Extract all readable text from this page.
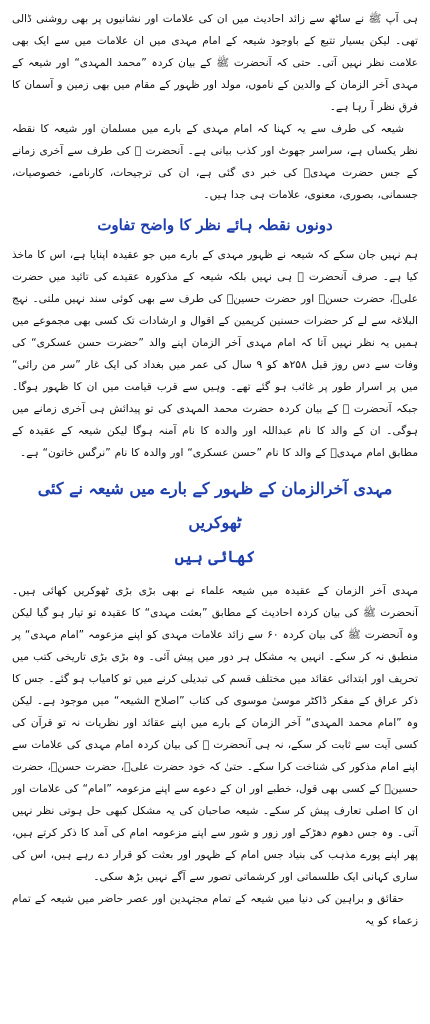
ہی آپ ﷺ نے ساٹھ سے زائد احادیث میں ان کی علامات اور نشانیوں پر بھی روشنی ڈالی تھی۔ لیکن بسیار تتبع کے باوجود شیعہ کے امام مہدی میں ان علامات میں سے ایک بھی علامت نظر نہیں آتی۔ حتی کہ آنحضرت ﷺ کے بیان کردہ ”محمد المہدی“ اور شیعہ کے مہدی آخر الزمان کے والدین کے ناموں، مولد اور ظہور کے مقام میں بھی زمین و آسمان کا فرق نظر آ رہا ہے۔

شیعہ کی طرف سے یہ کہنا کہ امام مہدی کے بارے میں مسلمان اور شیعہ کا نقطہ نظر یکساں ہے، سراسر جھوٹ اور کذب بیانی ہے۔ آنحضرت ﷺ کی طرف سے آخری زمانے کے جس حضرت مہدیؒ کی خبر دی گئی ہے، ان کی ترجیحات، کارنامے، خصوصیات، جسمانی، بصوری، معنوی، علامات ہی جدا ہیں۔

دونوں نقطہ ہائے نظر کا واضح تفاوت

ہم نہیں جان سکے کہ شیعہ نے ظہور مہدی کے بارے میں جو عقیدہ اپنایا ہے، اس کا ماخذ کیا ہے۔ صرف آنحضرت ﷺ ہی نہیں بلکہ شیعہ کے مذکورہ عقیدے کی تائید میں حضرت علیؓ، حضرت حسنؓ اور حضرت حسینؓ کی طرف سے بھی کوئی سند نہیں ملتی۔ نہج البلاغہ سے لے کر حضرات حسنین کریمین کے اقوال و ارشادات تک کسی بھی مجموعے میں ہمیں یہ نظر نہیں آتا کہ امام مہدی آخر الزمان اپنے والد ”حضرت حسن عسکری“ کی وفات سے دس روز قبل ۲۵۸ھ کو ۹ سال کی عمر میں بغداد کی ایک غار ”سر من رائی“ میں پر اسرار طور پر غائب ہو گئے تھے۔ وہیں سے قرب قیامت میں ان کا ظہور ہوگا۔ جبکہ آنحضرت ﷺ کے بیان کردہ حضرت محمد المہدی کی تو پیدائش ہی آخری زمانے میں ہوگی۔ ان کے والد کا نام عبداللہ اور والدہ کا نام آمنہ ہوگا لیکن شیعہ کے عقیدہ کے مطابق امام مہدیؒ کے والد کا نام ”حسن عسکری“ اور والدہ کا نام ”نرگس خاتون“ ہے۔

مہدی آخرالزمان کے ظہور کے بارے میں شیعہ نے کئی ٹھوکریں
کھائی ہیں

مہدی آخر الزمان کے عقیدہ میں شیعہ علماء نے بھی بڑی بڑی ٹھوکریں کھائی ہیں۔ آنحضرت ﷺ کی بیان کردہ احادیث کے مطابق ”بعثت مہدی“ کا عقیدہ تو تیار ہو گیا لیکن وہ آنحضرت ﷺ کی بیان کردہ ۶۰ سے زائد علامات مہدی کو اپنے مزعومہ ”امام مہدی“ پر منطبق نہ کر سکے۔ انہیں یہ مشکل ہر دور میں پیش آئی۔ وہ بڑی بڑی تاریخی کتب میں تحریف اور ابتدائی عقائد میں مختلف قسم کی تبدیلی کرنے میں تو کامیاب ہو گئے۔ جس کا ذکر عراق کے مفکر ڈاکٹر موسیٰ موسوی کی کتاب ”اصلاح الشیعہ“ میں موجود ہے۔ لیکن وہ ”امام محمد المہدی“ آخر الزمان کے بارے میں اپنے عقائد اور نظریات نہ تو قرآن کی کسی آیت سے ثابت کر سکے، نہ ہی آنحضرت ﷺ کی بیان کردہ امام مہدی کی علامات سے اپنے امام مذکور کی شناخت کرا سکے۔ حتیٰ کہ خود حضرت علیؓ، حضرت حسنؓ، حضرت حسینؓ کے کسی بھی قول، خطبے اور ان کے دعوے سے اپنے مزعومہ ”امام“ کی علامات اور ان کا اصلی تعارف پیش کر سکے۔ شیعہ صاحبان کی یہ مشکل کبھی حل ہوتی نظر نہیں آتی۔ وہ جس دھوم دھڑکے اور زور و شور سے اپنے مزعومہ امام کی آمد کا ذکر کرتے ہیں، پھر اپنے پورے مذہب کی بنیاد جس امام کے ظہور اور بعثت کو قرار دے رہے ہیں، اس کی ساری کہانی ایک طلسماتی اور کرشماتی تصور سے آگے نہیں بڑھ سکی۔

حقائق و براہین کی دنیا میں شیعہ کے تمام مجتہدین اور عصر حاضر میں شیعہ کے تمام زعماء کو یہ
